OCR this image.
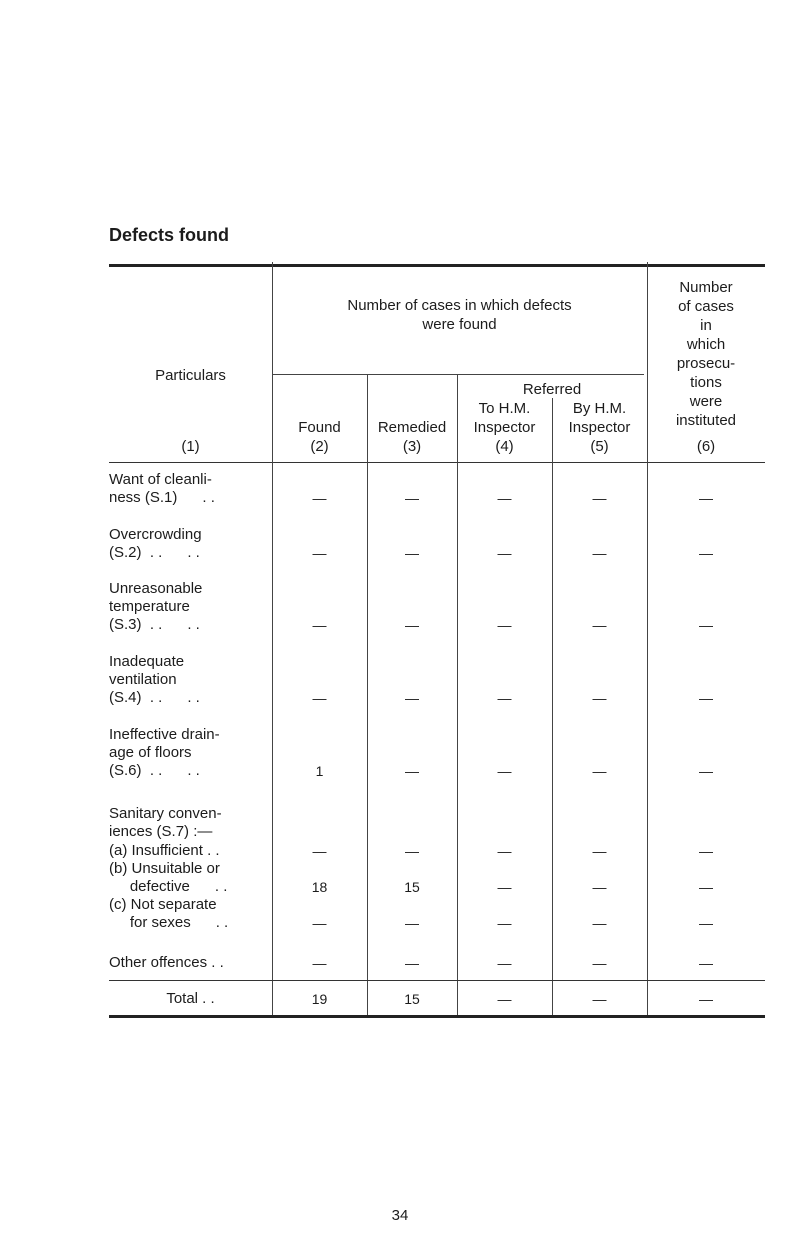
Defects found
Particulars
(1)
Number of cases in which defects
were found
Found
(2)
Remedied
(3)
Referred
To H.M.
Inspector
(4)
By H.M.
Inspector
(5)
Number
of cases
in
which
prosecu-
tions
were
instituted
(6)
Want of cleanli-
ness (S.1)      . .	—	—	—	—	—
Overcrowding
(S.2)  . .      . .	—	—	—	—	—
Unreasonable
temperature
(S.3)  . .      . .	—	—	—	—	—
Inadequate
ventilation
(S.4)  . .      . .	—	—	—	—	—
Ineffective drain-
age of floors
(S.6)  . .      . .	1	—	—	—	—
Sanitary conven-
iences (S.7) :—
(a) Insufficient . .	—	—	—	—	—
(b) Unsuitable or
defective      . .	18	15	—	—	—
(c) Not separate
for sexes      . .	—	—	—	—	—
Other offences . .	—	—	—	—	—
Total . .	19	15	—	—	—
34
